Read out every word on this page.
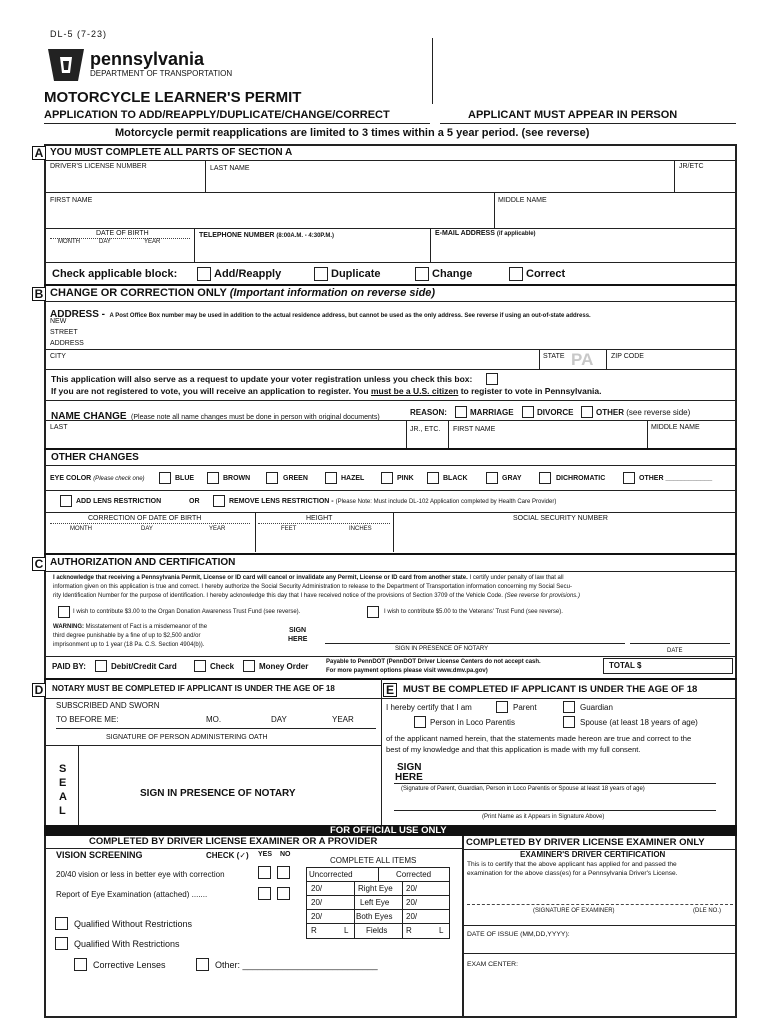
DL-5 (7-23)
pennsylvania
DEPARTMENT OF TRANSPORTATION
MOTORCYCLE LEARNER'S PERMIT
APPLICATION TO ADD/REAPPLY/DUPLICATE/CHANGE/CORRECT	APPLICANT MUST APPEAR IN PERSON
Motorcycle permit reapplications are limited to 3 times within a 5 year period. (see reverse)
A YOU MUST COMPLETE ALL PARTS OF SECTION A
DRIVER'S LICENSE NUMBER	LAST NAME	JR/ETC
FIRST NAME	MIDDLE NAME
DATE OF BIRTH
MONTH	DAY	YEAR
TELEPHONE NUMBER (8:00A.M. - 4:30P.M.)	E-MAIL ADDRESS (if applicable)
Check applicable block:	Add/Reapply	Duplicate	Change	Correct
B CHANGE OR CORRECTION ONLY (Important information on reverse side)
ADDRESS - A Post Office Box number may be used in addition to the actual residence address, but cannot be used as the only address. See reverse if using an out-of-state address.
NEW
STREET
ADDRESS
CITY	STATE PA	ZIP CODE
This application will also serve as a request to update your voter registration unless you check this box:
If you are not registered to vote, you will receive an application to register. You must be a U.S. citizen to register to vote in Pennsylvania.
NAME CHANGE (Please note all name changes must be done in person with original documents)
REASON:	MARRIAGE	DIVORCE	OTHER (see reverse side)
LAST	JR., ETC. FIRST NAME	MIDDLE NAME
OTHER CHANGES
EYE COLOR (Please check one)	BLUE	BROWN	GREEN	HAZEL	PINK	BLACK	GRAY	DICHROMATIC	OTHER ____________
ADD LENS RESTRICTION	OR	REMOVE LENS RESTRICTION - (Please Note: Must include DL-102 Application completed by Health Care Provider)
CORRECTION OF DATE OF BIRTH
MONTH	DAY	YEAR
HEIGHT
FEET	INCHES
SOCIAL SECURITY NUMBER
C AUTHORIZATION AND CERTIFICATION
I acknowledge that receiving a Pennsylvania Permit, License or ID card will cancel or invalidate any Permit, License or ID card from another state. I certify under penalty of law that all
information given on this application is true and correct. I hereby authorize the Social Security Administration to release to the Department of Transportation information concerning my Social Secu-
rity Identification Number for the purpose of identification. I hereby acknowledge this day that I have received notice of the provisions of Section 3709 of the Vehicle Code. (See reverse for provisions.)
I wish to contribute $3.00 to the Organ Donation Awareness Trust Fund (see reverse).	I wish to contribute $5.00 to the Veterans' Trust Fund (see reverse).
WARNING: Misstatement of Fact is a misdemeanor of the
third degree punishable by a fine of up to $2,500 and/or
imprisonment up to 1 year (18 Pa. C.S. Section 4904(b)).
SIGN
HERE
SIGN IN PRESENCE OF NOTARY	DATE
PAID BY:	Debit/Credit Card	Check	Money Order	Payable to PennDOT (PennDOT Driver License Centers do not accept cash.
For more payment options please visit www.dmv.pa.gov)
TOTAL $
D	NOTARY MUST BE COMPLETED IF APPLICANT IS UNDER THE AGE OF 18	E MUST BE COMPLETED IF APPLICANT IS UNDER THE AGE OF 18
SUBSCRIBED AND SWORN
TO BEFORE ME:	MO.	DAY	YEAR
SIGNATURE OF PERSON ADMINISTERING OATH
S
E
A
L
SIGN IN PRESENCE OF NOTARY
I hereby certify that I am	Parent	Guardian
Person in Loco Parentis	Spouse (at least 18 years of age)
of the applicant named herein, that the statements made hereon are true and correct to the
best of my knowledge and that this application is made with my full consent.
SIGN
HERE
(Signature of Parent, Guardian, Person in Loco Parentis or Spouse at least 18 years of age)
(Print Name as it Appears in Signature Above)
FOR OFFICIAL USE ONLY
COMPLETED BY DRIVER LICENSE EXAMINER OR A PROVIDER	COMPLETED BY DRIVER LICENSE EXAMINER ONLY
VISION SCREENING	CHECK (✓) YES NO
20/40 vision or less in better eye with correction
Report of Eye Examination (attached) .......
Qualified Without Restrictions
Qualified With Restrictions
Corrective Lenses	Other: ___________________________
COMPLETE ALL ITEMS
Uncorrected	Corrected
20/	Right Eye 20/
20/	Left Eye 20/
20/	Both Eyes 20/
R	L Fields R	L
EXAMINER'S DRIVER CERTIFICATION
This is to certify that the above applicant has applied for and passed the
examination for the above class(es) for a Pennsylvania Driver's License.
(SIGNATURE OF EXAMINER)	(DLE NO.)
DATE OF ISSUE (MM,DD,YYYY):
EXAM CENTER:
